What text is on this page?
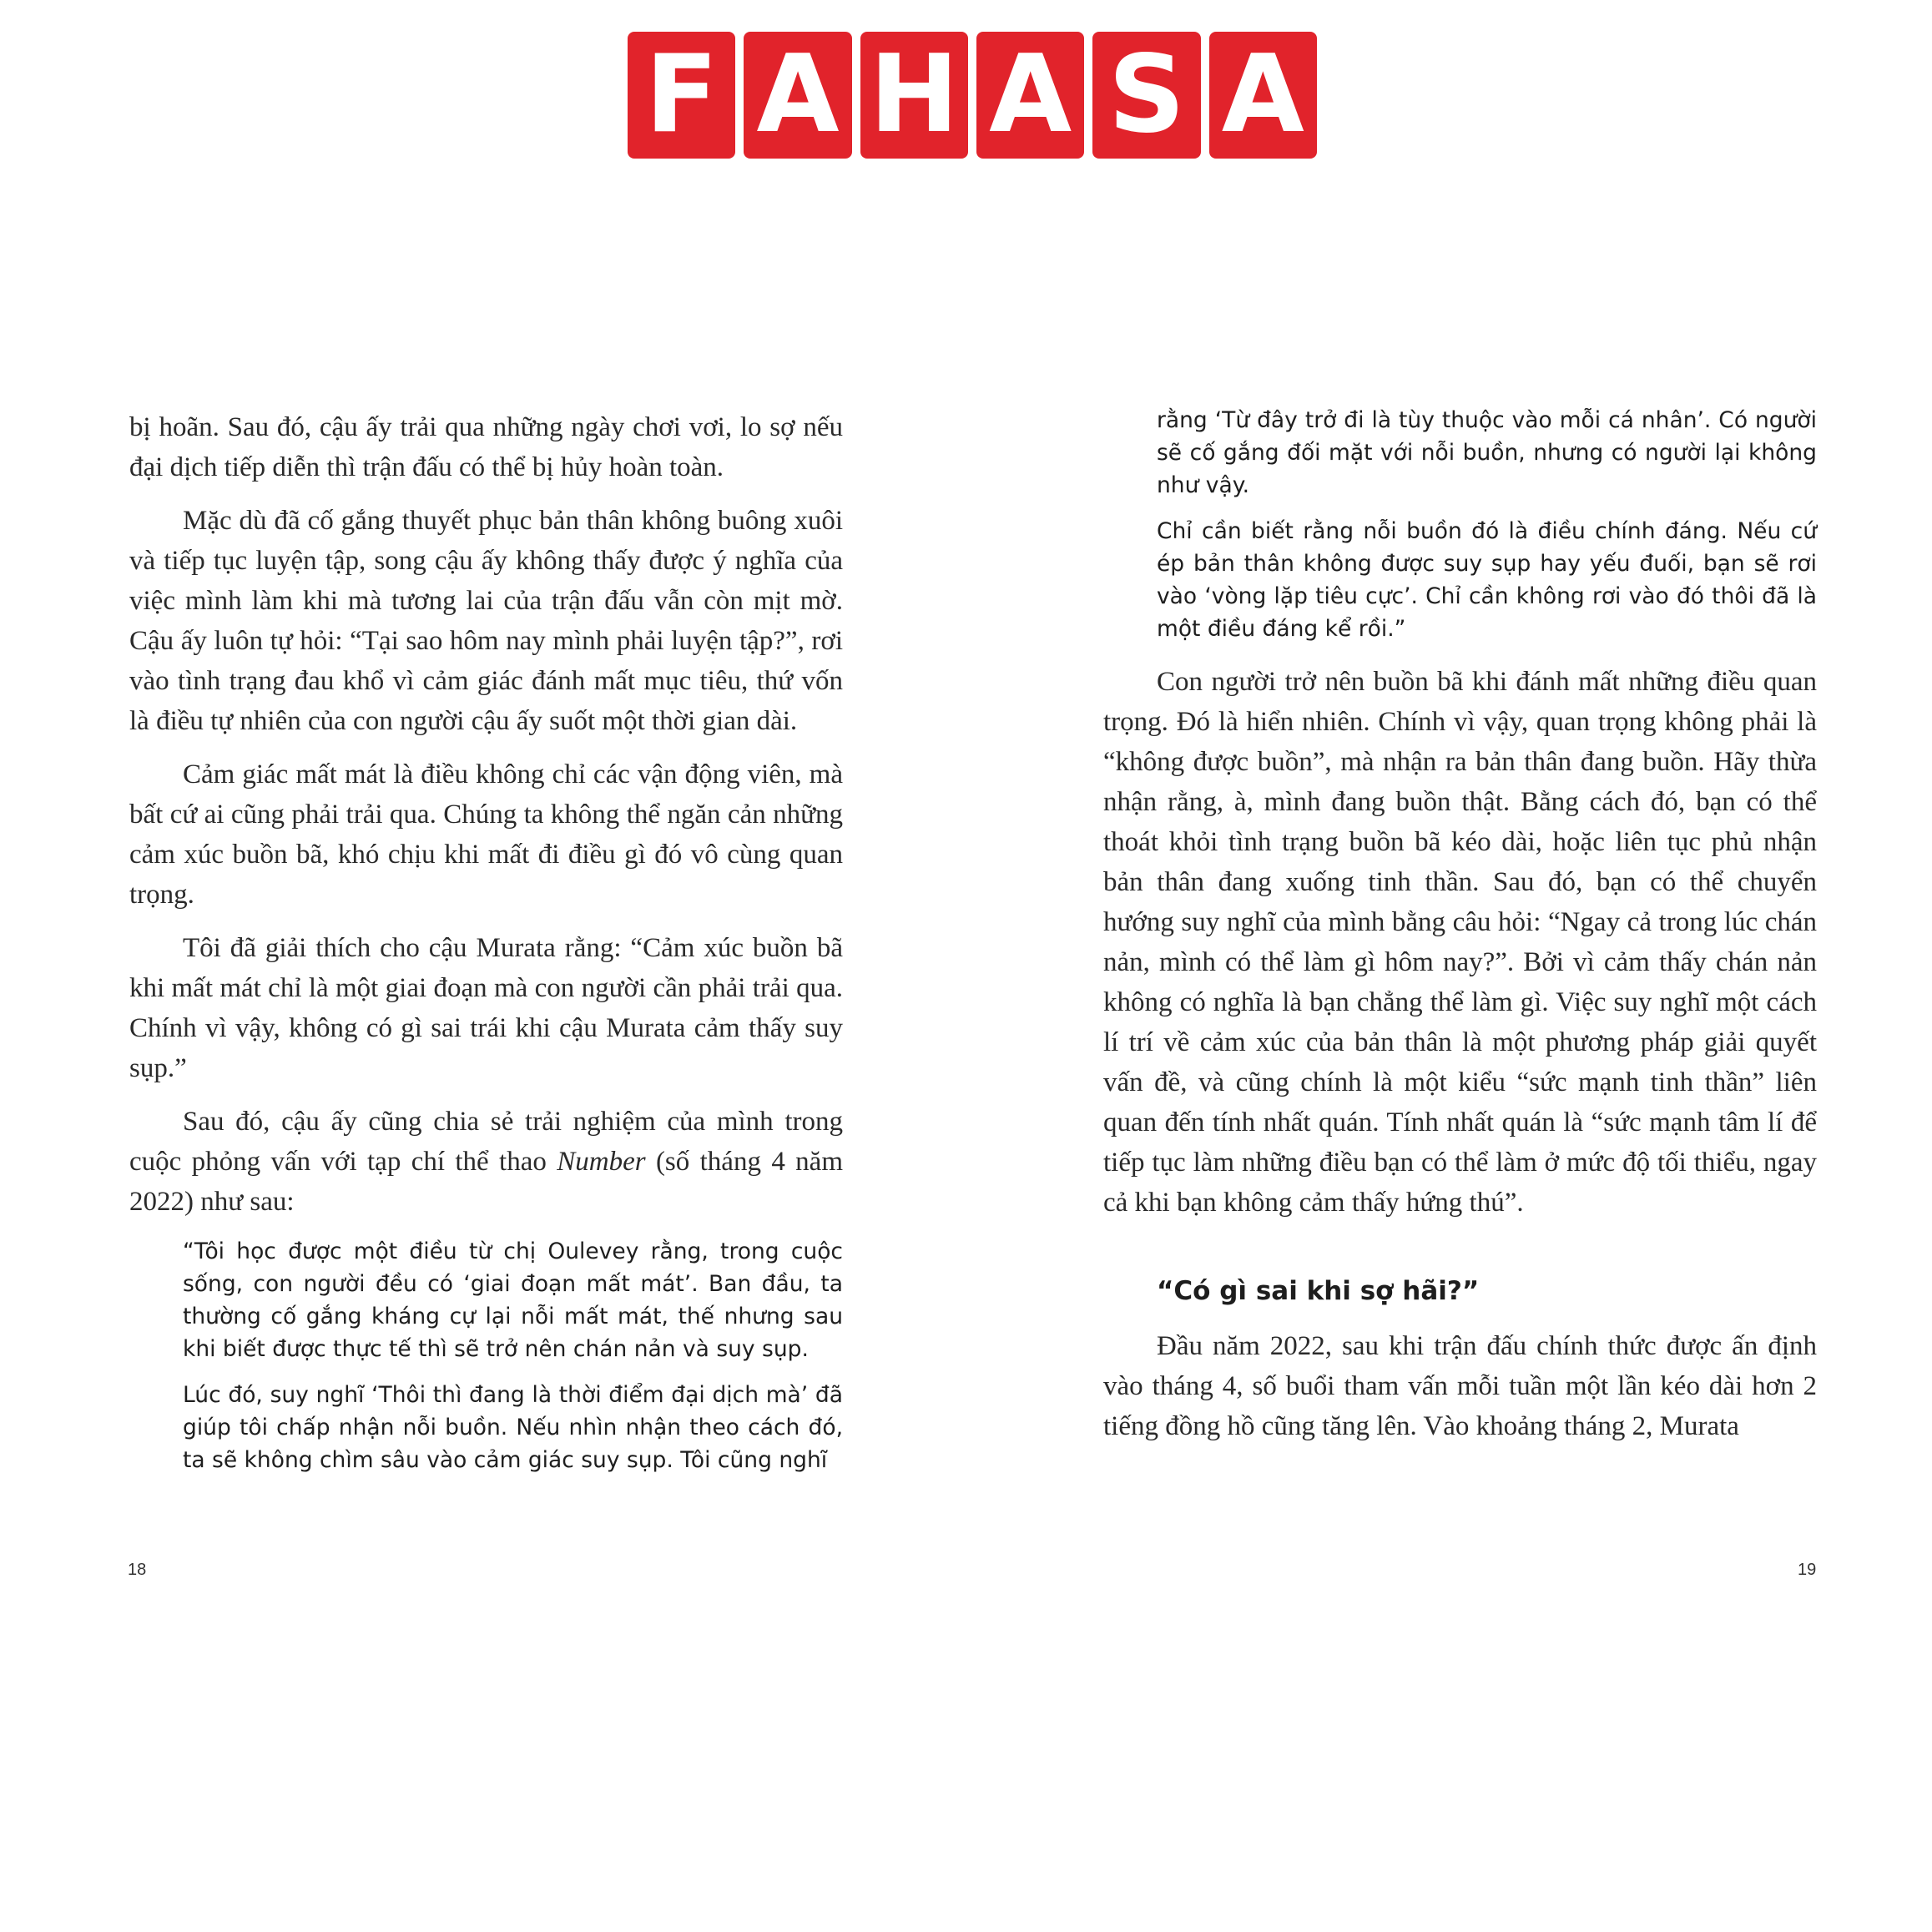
F A H A S A

bị hoãn. Sau đó, cậu ấy trải qua những ngày chơi vơi, lo sợ nếu đại dịch tiếp diễn thì trận đấu có thể bị hủy hoàn toàn.

Mặc dù đã cố gắng thuyết phục bản thân không buông xuôi và tiếp tục luyện tập, song cậu ấy không thấy được ý nghĩa của việc mình làm khi mà tương lai của trận đấu vẫn còn mịt mờ. Cậu ấy luôn tự hỏi: “Tại sao hôm nay mình phải luyện tập?”, rơi vào tình trạng đau khổ vì cảm giác đánh mất mục tiêu, thứ vốn là điều tự nhiên của con người cậu ấy suốt một thời gian dài.

Cảm giác mất mát là điều không chỉ các vận động viên, mà bất cứ ai cũng phải trải qua. Chúng ta không thể ngăn cản những cảm xúc buồn bã, khó chịu khi mất đi điều gì đó vô cùng quan trọng.

Tôi đã giải thích cho cậu Murata rằng: “Cảm xúc buồn bã khi mất mát chỉ là một giai đoạn mà con người cần phải trải qua. Chính vì vậy, không có gì sai trái khi cậu Murata cảm thấy suy sụp.”

Sau đó, cậu ấy cũng chia sẻ trải nghiệm của mình trong cuộc phỏng vấn với tạp chí thể thao Number (số tháng 4 năm 2022) như sau:

“Tôi học được một điều từ chị Oulevey rằng, trong cuộc sống, con người đều có ‘giai đoạn mất mát’. Ban đầu, ta thường cố gắng kháng cự lại nỗi mất mát, thế nhưng sau khi biết được thực tế thì sẽ trở nên chán nản và suy sụp.

Lúc đó, suy nghĩ ‘Thôi thì đang là thời điểm đại dịch mà’ đã giúp tôi chấp nhận nỗi buồn. Nếu nhìn nhận theo cách đó, ta sẽ không chìm sâu vào cảm giác suy sụp. Tôi cũng nghĩ

rằng ‘Từ đây trở đi là tùy thuộc vào mỗi cá nhân’. Có người sẽ cố gắng đối mặt với nỗi buồn, nhưng có người lại không như vậy.

Chỉ cần biết rằng nỗi buồn đó là điều chính đáng. Nếu cứ ép bản thân không được suy sụp hay yếu đuối, bạn sẽ rơi vào ‘vòng lặp tiêu cực’. Chỉ cần không rơi vào đó thôi đã là một điều đáng kể rồi.”

Con người trở nên buồn bã khi đánh mất những điều quan trọng. Đó là hiển nhiên. Chính vì vậy, quan trọng không phải là “không được buồn”, mà nhận ra bản thân đang buồn. Hãy thừa nhận rằng, à, mình đang buồn thật. Bằng cách đó, bạn có thể thoát khỏi tình trạng buồn bã kéo dài, hoặc liên tục phủ nhận bản thân đang xuống tinh thần. Sau đó, bạn có thể chuyển hướng suy nghĩ của mình bằng câu hỏi: “Ngay cả trong lúc chán nản, mình có thể làm gì hôm nay?”. Bởi vì cảm thấy chán nản không có nghĩa là bạn chẳng thể làm gì. Việc suy nghĩ một cách lí trí về cảm xúc của bản thân là một phương pháp giải quyết vấn đề, và cũng chính là một kiểu “sức mạnh tinh thần” liên quan đến tính nhất quán. Tính nhất quán là “sức mạnh tâm lí để tiếp tục làm những điều bạn có thể làm ở mức độ tối thiểu, ngay cả khi bạn không cảm thấy hứng thú”.

“Có gì sai khi sợ hãi?”

Đầu năm 2022, sau khi trận đấu chính thức được ấn định vào tháng 4, số buổi tham vấn mỗi tuần một lần kéo dài hơn 2 tiếng đồng hồ cũng tăng lên. Vào khoảng tháng 2, Murata

18	19
